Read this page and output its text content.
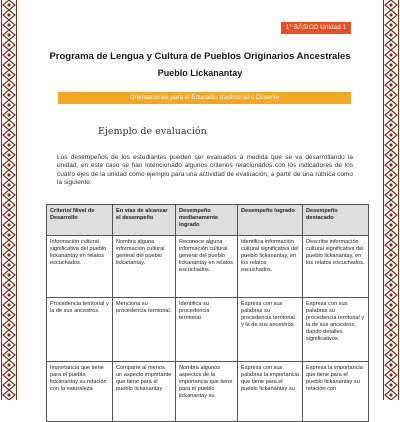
1° BÁSICO Unidad 1
Programa de Lengua y Cultura de Pueblos Originarios Ancestrales
Pueblo Lickanantay
Orientaciones para el Educador tradicional o Docente
Ejemplo de evaluación
Los desempeños de los estudiantes pueden ser evaluados a medida que se va desarrollando la unidad, en este caso se han intencionado algunos criterios relacionados con los indicadores de los cuatro ejes de la unidad como ejemplo para una actividad de evaluación, a partir de una rúbrica como la siguiente:
Criterio/ Nivel de Desarrollo	En vías de alcanzar el desempeño	Desempeño medianamente logrado	Desempeño logrado	Desempeño destacado
Información cultural significativa del pueblo lickanantay en relatos escuchados.	Nombra alguna información cultural general del pueblo lickanantay.	Reconoce alguna información cultural general del pueblo lickanantay en relatos escuchados.	Identifica información cultural significativa del pueblo lickanantay, en los relatos escuchados.	Describe información cultural significativa del pueblo lickanantay, en los relatos escuchados.
Procedencia territorial y la de sus ancestros.	Menciona su procedencia territorial.	Identifica su procedencia territorial.	Expresa con sus palabras su procedencia territorial y la de sus ancestros.	Expresa con sus palabras su procedencia territorial y la de sus ancestros, dando detalles significativos.
Importancia que tiene para el pueblo lickanantay su relación con la naturaleza	Comparte al menos un aspecto importante que tiene para el pueblo lickanantay	Nombra algunos aspectos de la importancia que tiene para el pueblo lickanantay su	Expresa con sus palabras la importancia que tiene para el pueblo lickanantay su	Expresa la importancia que tiene para el pueblo lickanantay su relación con
